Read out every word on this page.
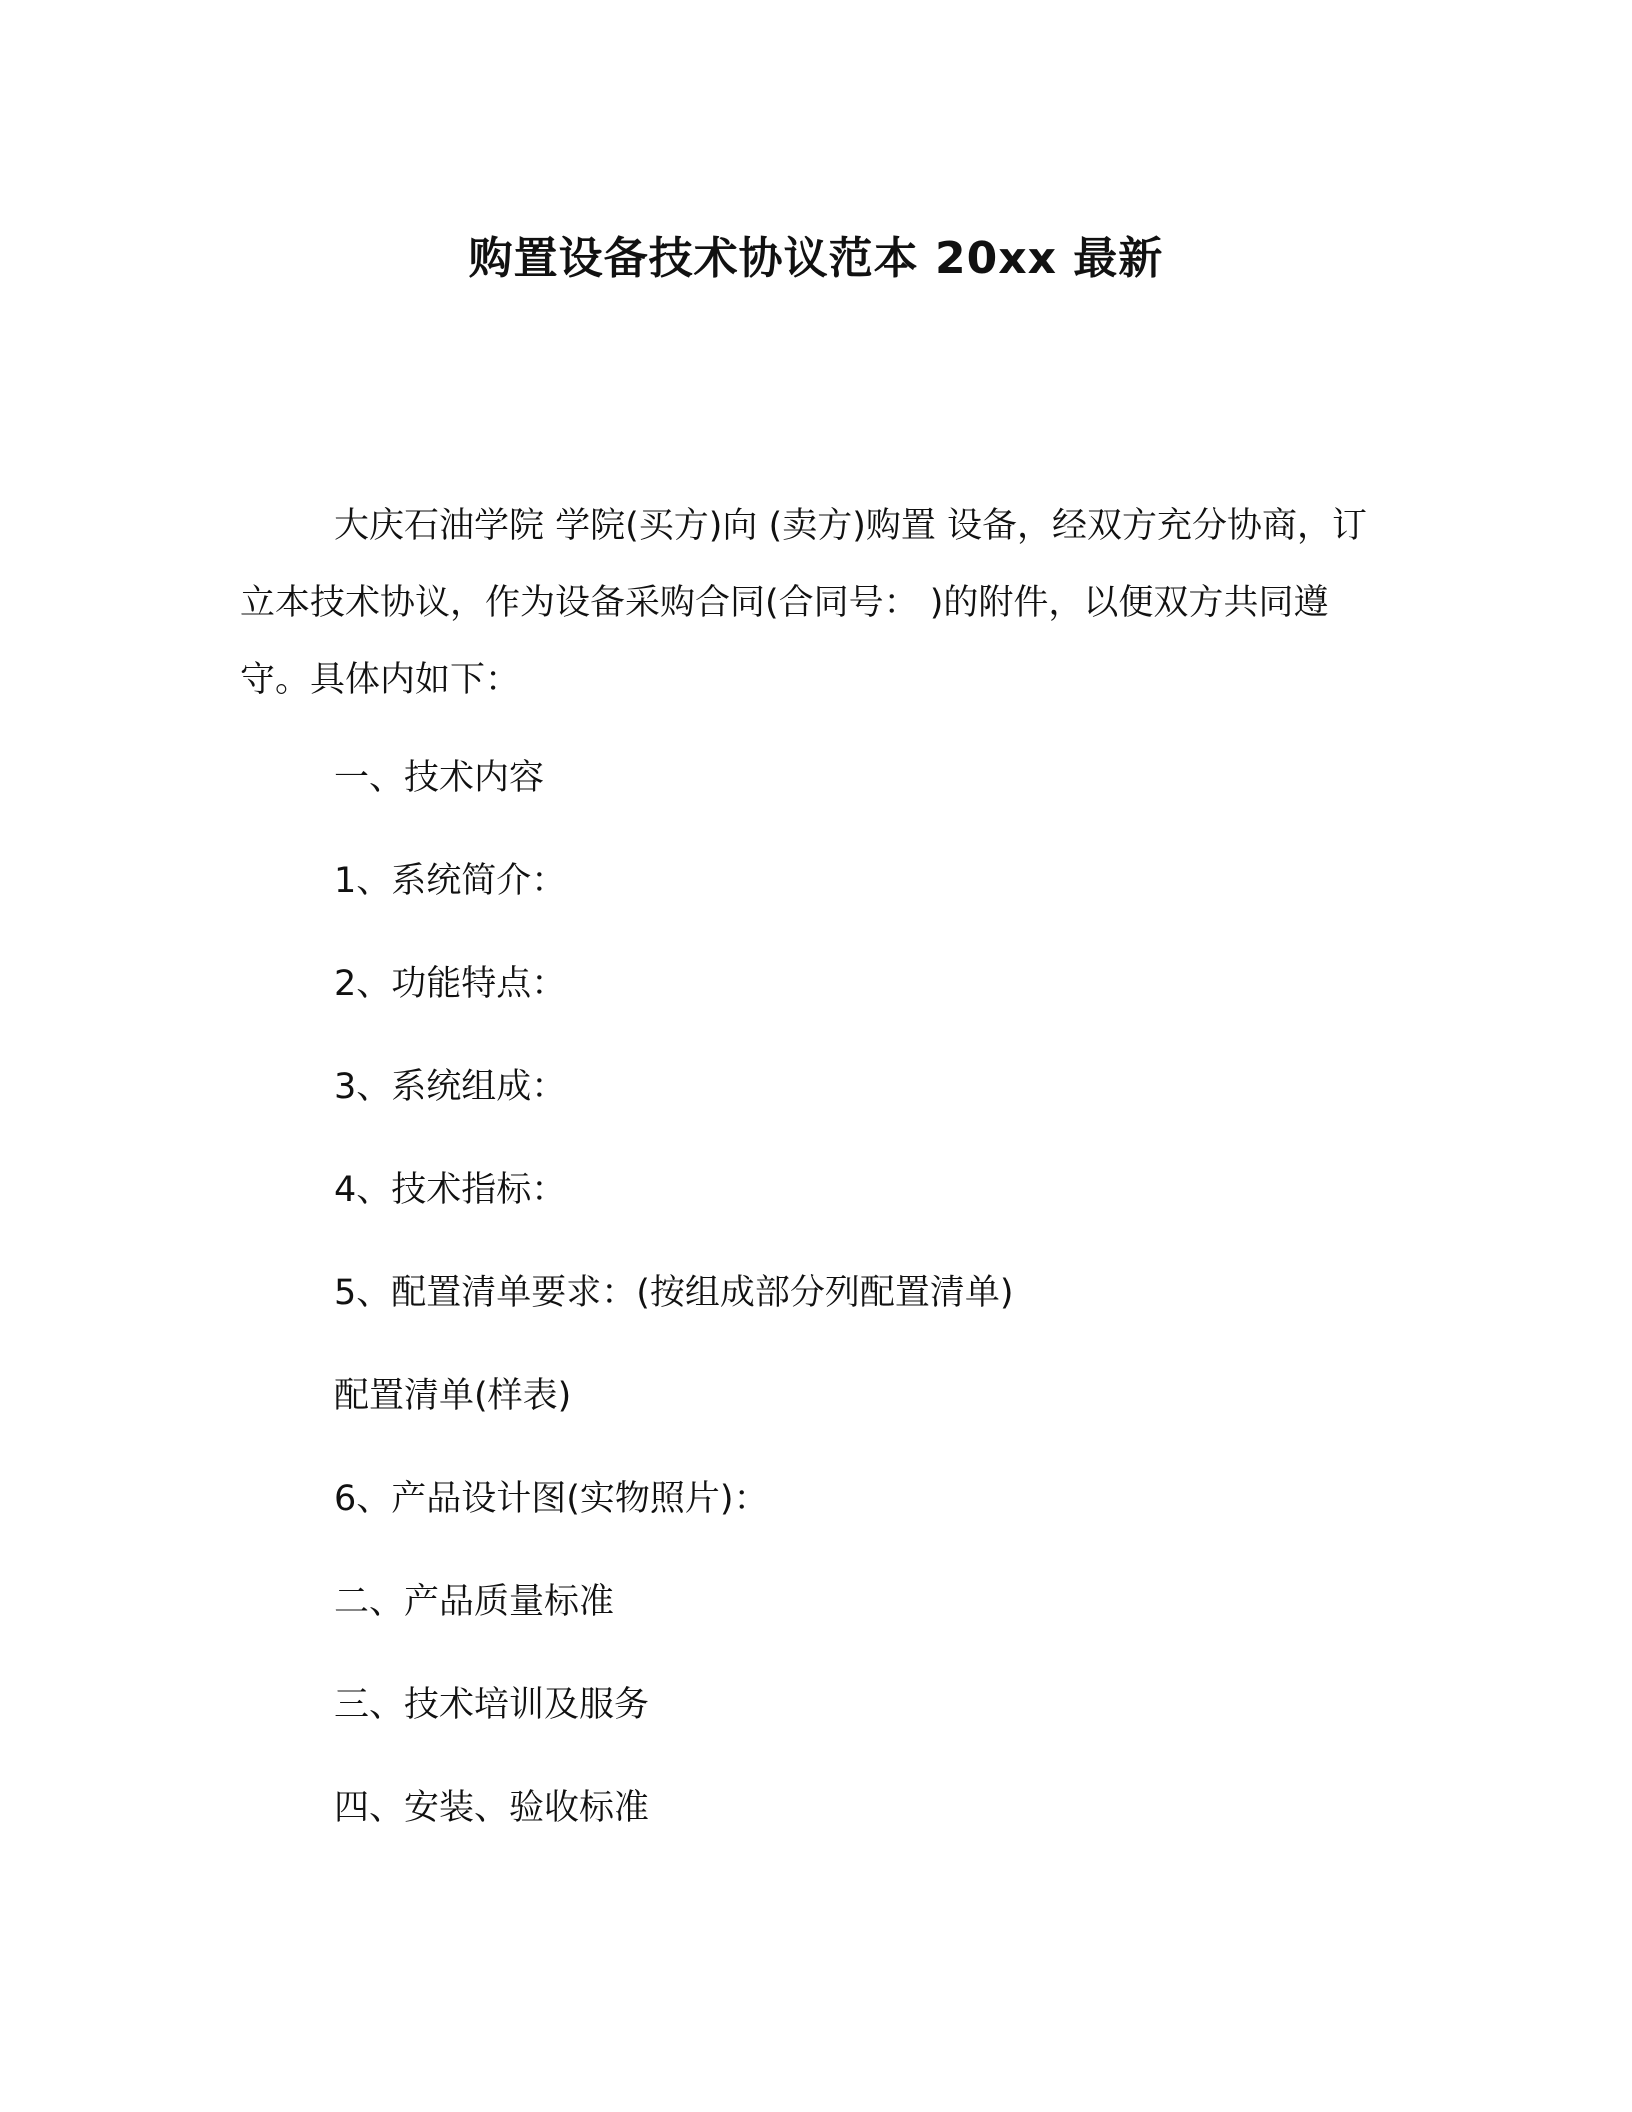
购置设备技术协议范本 20xx 最新

大庆石油学院 学院(买方)向 (卖方)购置 设备，经双方充分协商，订立本技术协议，作为设备采购合同(合同号： )的附件，以便双方共同遵守。具体内如下：

一、技术内容

1、系统简介：

2、功能特点：

3、系统组成：

4、技术指标：

5、配置清单要求：(按组成部分列配置清单)

配置清单(样表)

6、产品设计图(实物照片)：

二、产品质量标准

三、技术培训及服务

四、安装、验收标准
